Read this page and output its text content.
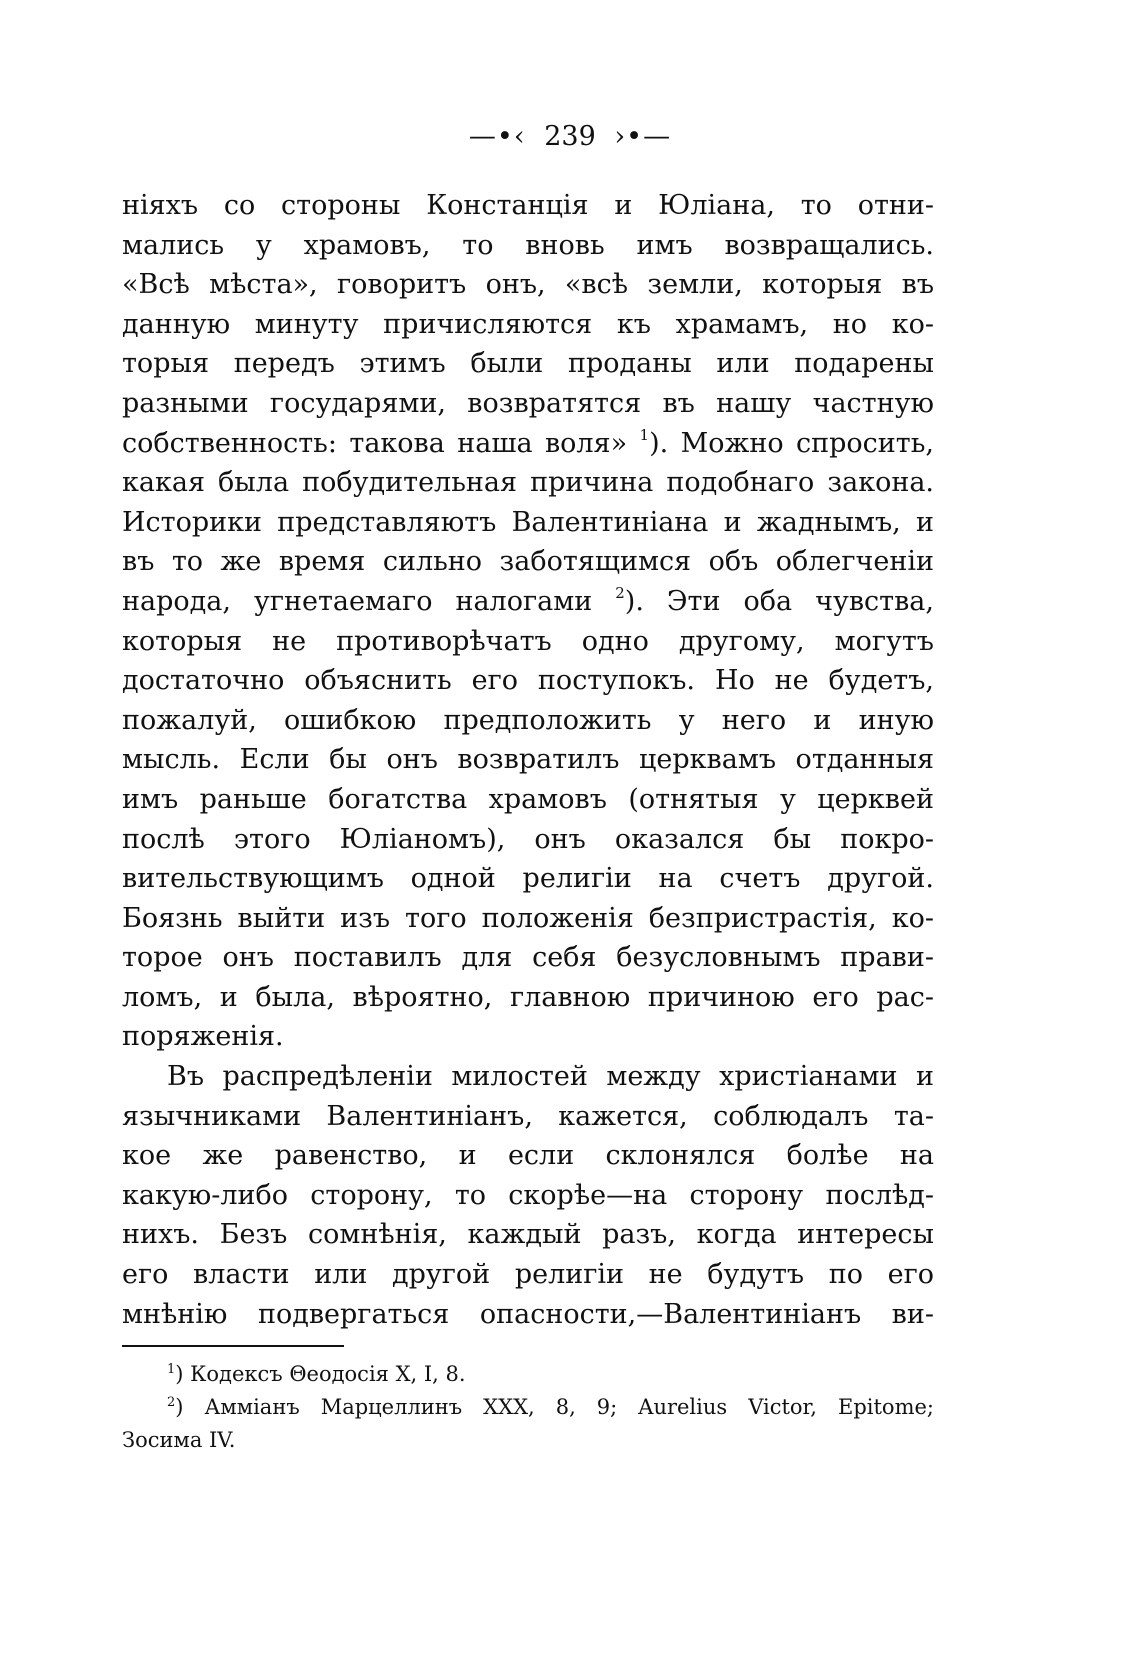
—•‹ 239 ›•—
ніяхъ со стороны Констанція и Юліана, то отни-
мались у храмовъ, то вновь имъ возвращались.
«Всѣ мѣста», говоритъ онъ, «всѣ земли, которыя въ
данную минуту причисляются къ храмамъ, но ко-
торыя передъ этимъ были проданы или подарены
разными государями, возвратятся въ нашу частную
собственность: такова наша воля» $^1$). Можно спросить,
какая была побудительная причина подобнаго закона.
Историки представляютъ Валентиніана и жаднымъ, и
въ то же время сильно заботящимся объ облегченіи
народа, угнетаемаго налогами $^2$). Эти оба чувства,
которыя не противорѣчатъ одно другому, могутъ
достаточно объяснить его поступокъ. Но не будетъ,
пожалуй, ошибкою предположить у него и иную
мысль. Если бы онъ возвратилъ церквамъ отданныя
имъ раньше богатства храмовъ (отнятыя у церквей
послѣ этого Юліаномъ), онъ оказался бы покро-
вительствующимъ одной религіи на счетъ другой.
Боязнь выйти изъ того положенія безпристрастія, ко-
торое онъ поставилъ для себя безусловнымъ прави-
ломъ, и была, вѣроятно, главною причиною его рас-
поряженія.
Въ распредѣленіи милостей между христіанами и
язычниками Валентиніанъ, кажется, соблюдалъ та-
кое же равенство, и если склонялся болѣе на
какую-либо сторону, то скорѣе—на сторону послѣд-
нихъ. Безъ сомнѣнія, каждый разъ, когда интересы
его власти или другой религіи не будутъ по его
мнѣнію подвергаться опасности,—Валентиніанъ ви-
$^1$) Кодексъ Θеодосія X, I, 8.
$^2$) Аммiанъ Марцеллинъ XXX, 8, 9; Aurelius Victor, Epitome;
Зосима IV.
